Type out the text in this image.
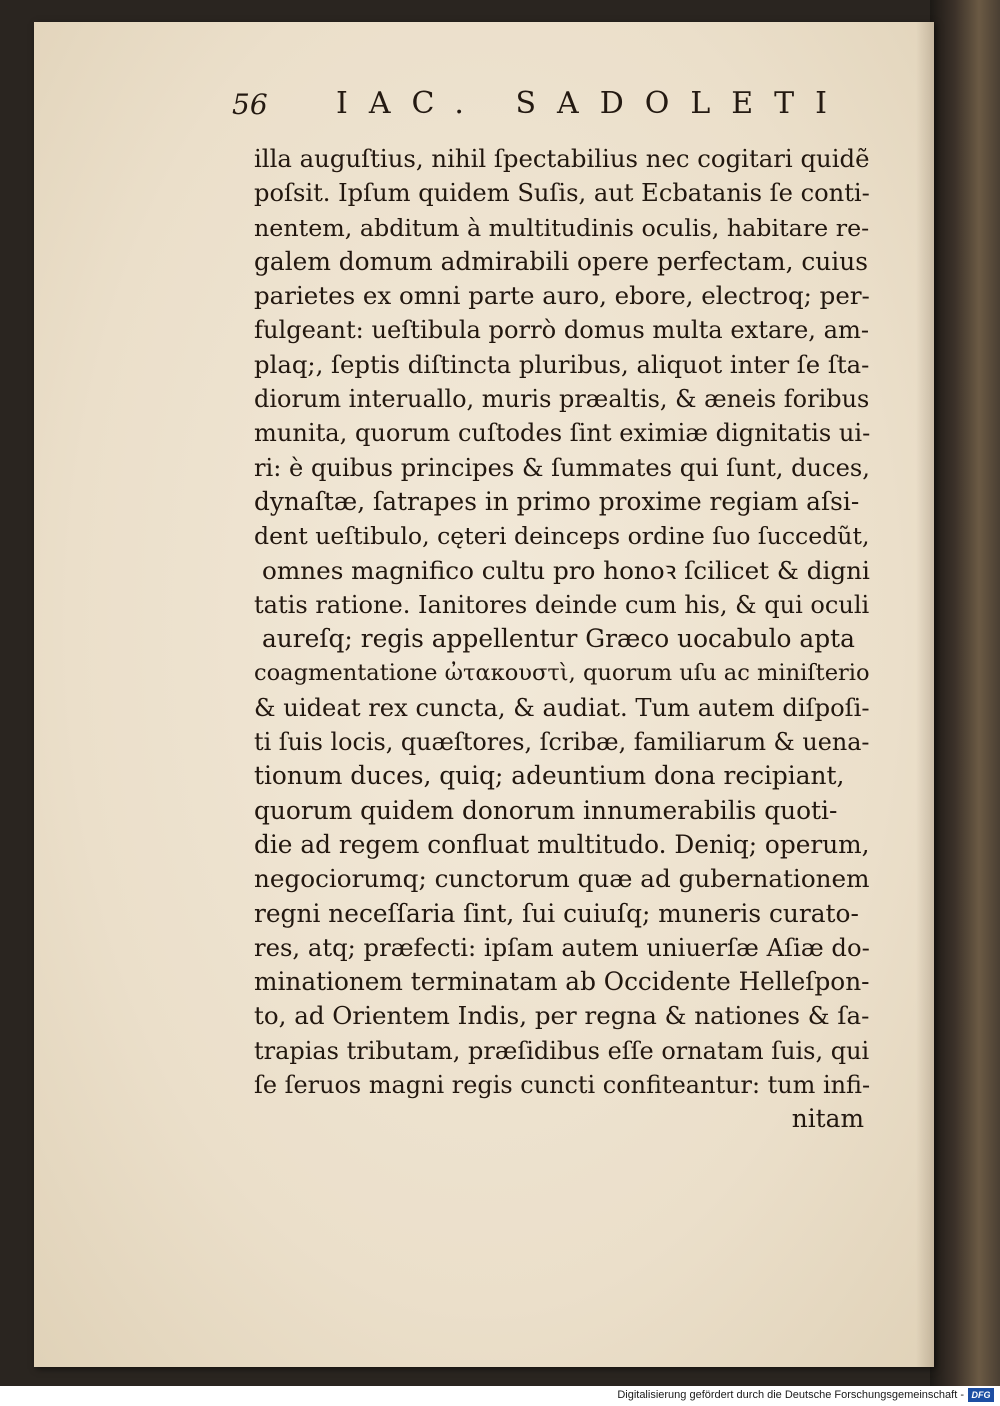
56 IAC. SADOLETI
illa auguſtius, nihil ſpectabilius nec cogitari quidẽ
poſsit. Ipſum quidem Suſis, aut Ecbatanis ſe conti-
nentem, abditum à multitudinis oculis, habitare re-
galem domum admirabili opere perfectam, cuius
parietes ex omni parte auro, ebore, electroq; per-
fulgeant: ueſtibula porrò domus multa extare, am-
plaq;, ſeptis diſtincta pluribus, aliquot inter ſe ſta-
diorum interuallo, muris præaltis, & æneis foribus
munita, quorum cuſtodes ſint eximiæ dignitatis ui-
ri: è quibus principes & ſummates qui ſunt, duces,
dynaſtæ, ſatrapes in primo proxime regiam aſsi-
dent ueſtibulo, cęteri deinceps ordine ſuo ſuccedũt,
omnes magnifico cultu pro honoꝛ ſcilicet & digni
tatis ratione. Ianitores deinde cum his, & qui oculi
aureſq; regis appellentur Græco uocabulo apta
coagmentatione ὠτακουστὶ, quorum uſu ac miniſterio
& uideat rex cuncta, & audiat. Tum autem diſpoſi-
ti ſuis locis, quæſtores, ſcribæ, familiarum & uena-
tionum duces, quiq; adeuntium dona recipiant,
quorum quidem donorum innumerabilis quoti-
die ad regem confluat multitudo. Deniq; operum,
negociorumq; cunctorum quæ ad gubernationem
regni neceſſaria ſint, ſui cuiuſq; muneris curato-
res, atq; præfecti: ipſam autem uniuerſæ Aſiæ do-
minationem terminatam ab Occidente Helleſpon-
to, ad Orientem Indis, per regna & nationes & ſa-
trapias tributam, præſidibus eſſe ornatam ſuis, qui
ſe ſeruos magni regis cuncti confiteantur: tum infi-
nitam
Digitalisierung gefördert durch die Deutsche Forschungsgemeinschaft - DFG
